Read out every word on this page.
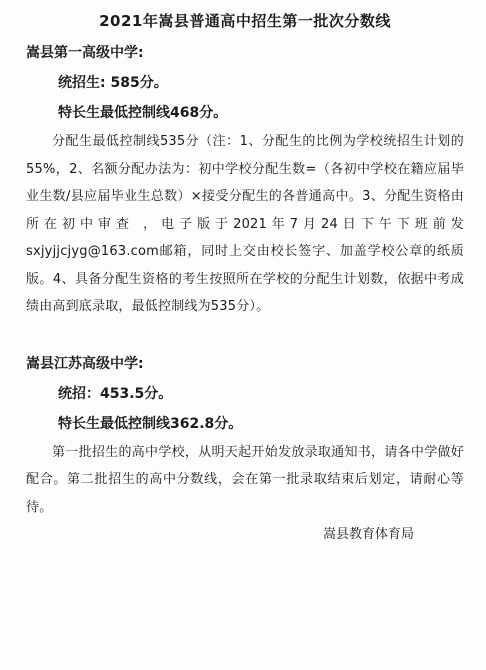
2021年嵩县普通高中招生第一批次分数线

嵩县第一高级中学:

统招生: 585分。

特长生最低控制线468分。

分配生最低控制线535分（注：1、分配生的比例为学校统招生计划的55%，2、名额分配办法为：初中学校分配生数=（各初中学校在籍应届毕业生数/县应届毕业生总数）×接受分配生的各普通高中。3、分配生资格由所在初中审查 ，电子版于2021年7月24日下午下班前发sxjyjjcjyg@163.com邮箱，同时上交由校长签字、加盖学校公章的纸质版。4、具备分配生资格的考生按照所在学校的分配生计划数，依据中考成绩由高到底录取，最低控制线为535分）。

嵩县江苏高级中学:

统招：453.5分。

特长生最低控制线362.8分。

第一批招生的高中学校，从明天起开始发放录取通知书，请各中学做好配合。第二批招生的高中分数线，会在第一批录取结束后划定，请耐心等待。

嵩县教育体育局
